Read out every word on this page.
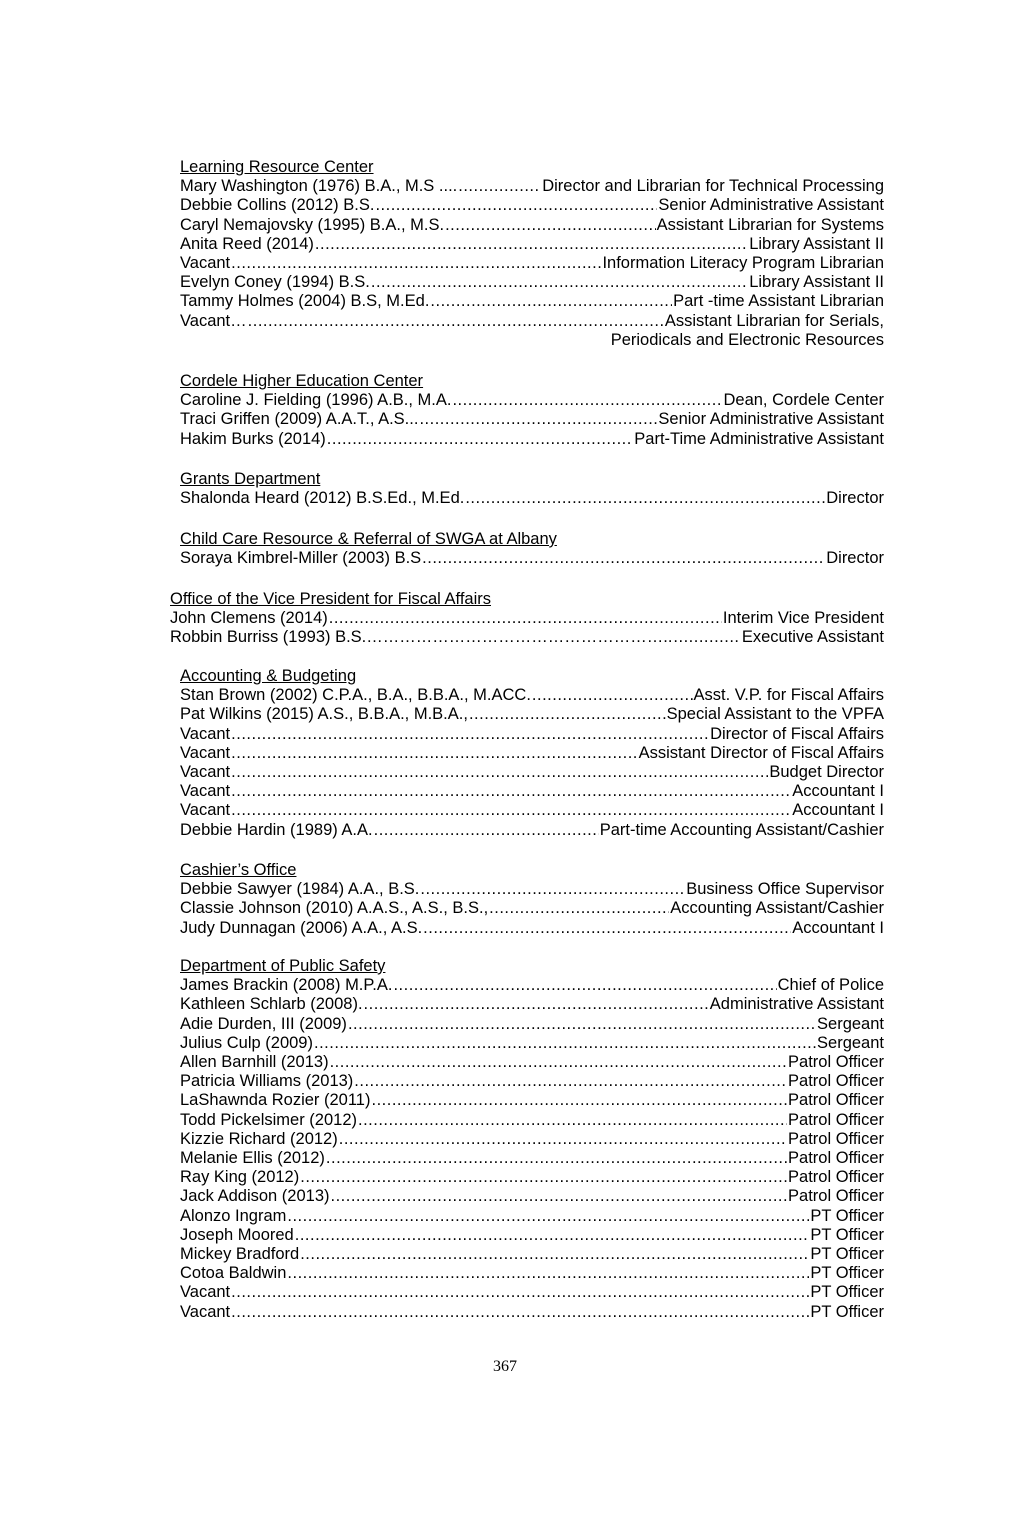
Learning Resource Center
Mary Washington (1976) B.A., M.S .... .....	Director and Librarian for Technical Processing
Debbie Collins (2012) B.S. .....	Senior Administrative Assistant
Caryl Nemajovsky (1995) B.A., M.S. .....	Assistant Librarian for Systems
Anita Reed (2014) .....	Library Assistant II
Vacant .....	Information Literacy Program Librarian
Evelyn Coney (1994) B.S. .....	Library Assistant II
Tammy Holmes (2004) B.S, M.Ed. .....	Part -time Assistant Librarian
Vacant… .....	Assistant Librarian for Serials,
Periodicals and Electronic Resources
Cordele Higher Education Center
Caroline J. Fielding (1996) A.B., M.A. .....	Dean, Cordele Center
Traci Griffen (2009) A.A.T., A.S... .....	Senior Administrative Assistant
Hakim Burks (2014) .....	Part-Time Administrative Assistant
Grants Department
Shalonda Heard (2012) B.S.Ed., M.Ed. .....	Director
Child Care Resource & Referral of SWGA at Albany
Soraya Kimbrel-Miller (2003) B.S .....	Director
Office of the Vice President for Fiscal Affairs
John Clemens (2014) .....	Interim Vice President
Robbin Burriss (1993) B.S.……………………………………………….. .....	Executive Assistant
Accounting & Budgeting
Stan Brown (2002) C.P.A., B.A., B.B.A., M.ACC. .....	Asst. V.P. for Fiscal Affairs
Pat Wilkins (2015) A.S., B.B.A., M.B.A., .....	Special Assistant to the VPFA
Vacant .....	Director of Fiscal Affairs
Vacant .....	Assistant Director of Fiscal Affairs
Vacant .....	Budget Director
Vacant .....	Accountant I
Vacant .....	Accountant I
Debbie Hardin (1989) A.A. .....	Part-time Accounting Assistant/Cashier
Cashier’s Office
Debbie Sawyer (1984) A.A., B.S. .....	Business Office Supervisor
Classie Johnson (2010) A.A.S., A.S., B.S., .....	Accounting Assistant/Cashier
Judy Dunnagan (2006) A.A., A.S. .....	Accountant I
Department of Public Safety
James Brackin (2008) M.P.A. .....	Chief of Police
Kathleen Schlarb (2008). .....	Administrative Assistant
Adie Durden, III (2009) .....	Sergeant
Julius Culp (2009) .....	Sergeant
Allen Barnhill (2013) .....	Patrol Officer
Patricia Williams (2013) .....	Patrol Officer
LaShawnda Rozier (2011) .....	Patrol Officer
Todd Pickelsimer (2012) .....	Patrol Officer
Kizzie Richard (2012) .....	Patrol Officer
Melanie Ellis (2012) .....	Patrol Officer
Ray King (2012) .....	Patrol Officer
Jack Addison (2013) .....	Patrol Officer
Alonzo Ingram .....	PT Officer
Joseph Moored .....	PT Officer
Mickey Bradford .....	PT Officer
Cotoa Baldwin .....	PT Officer
Vacant .....	PT Officer
Vacant .....	PT Officer
367
